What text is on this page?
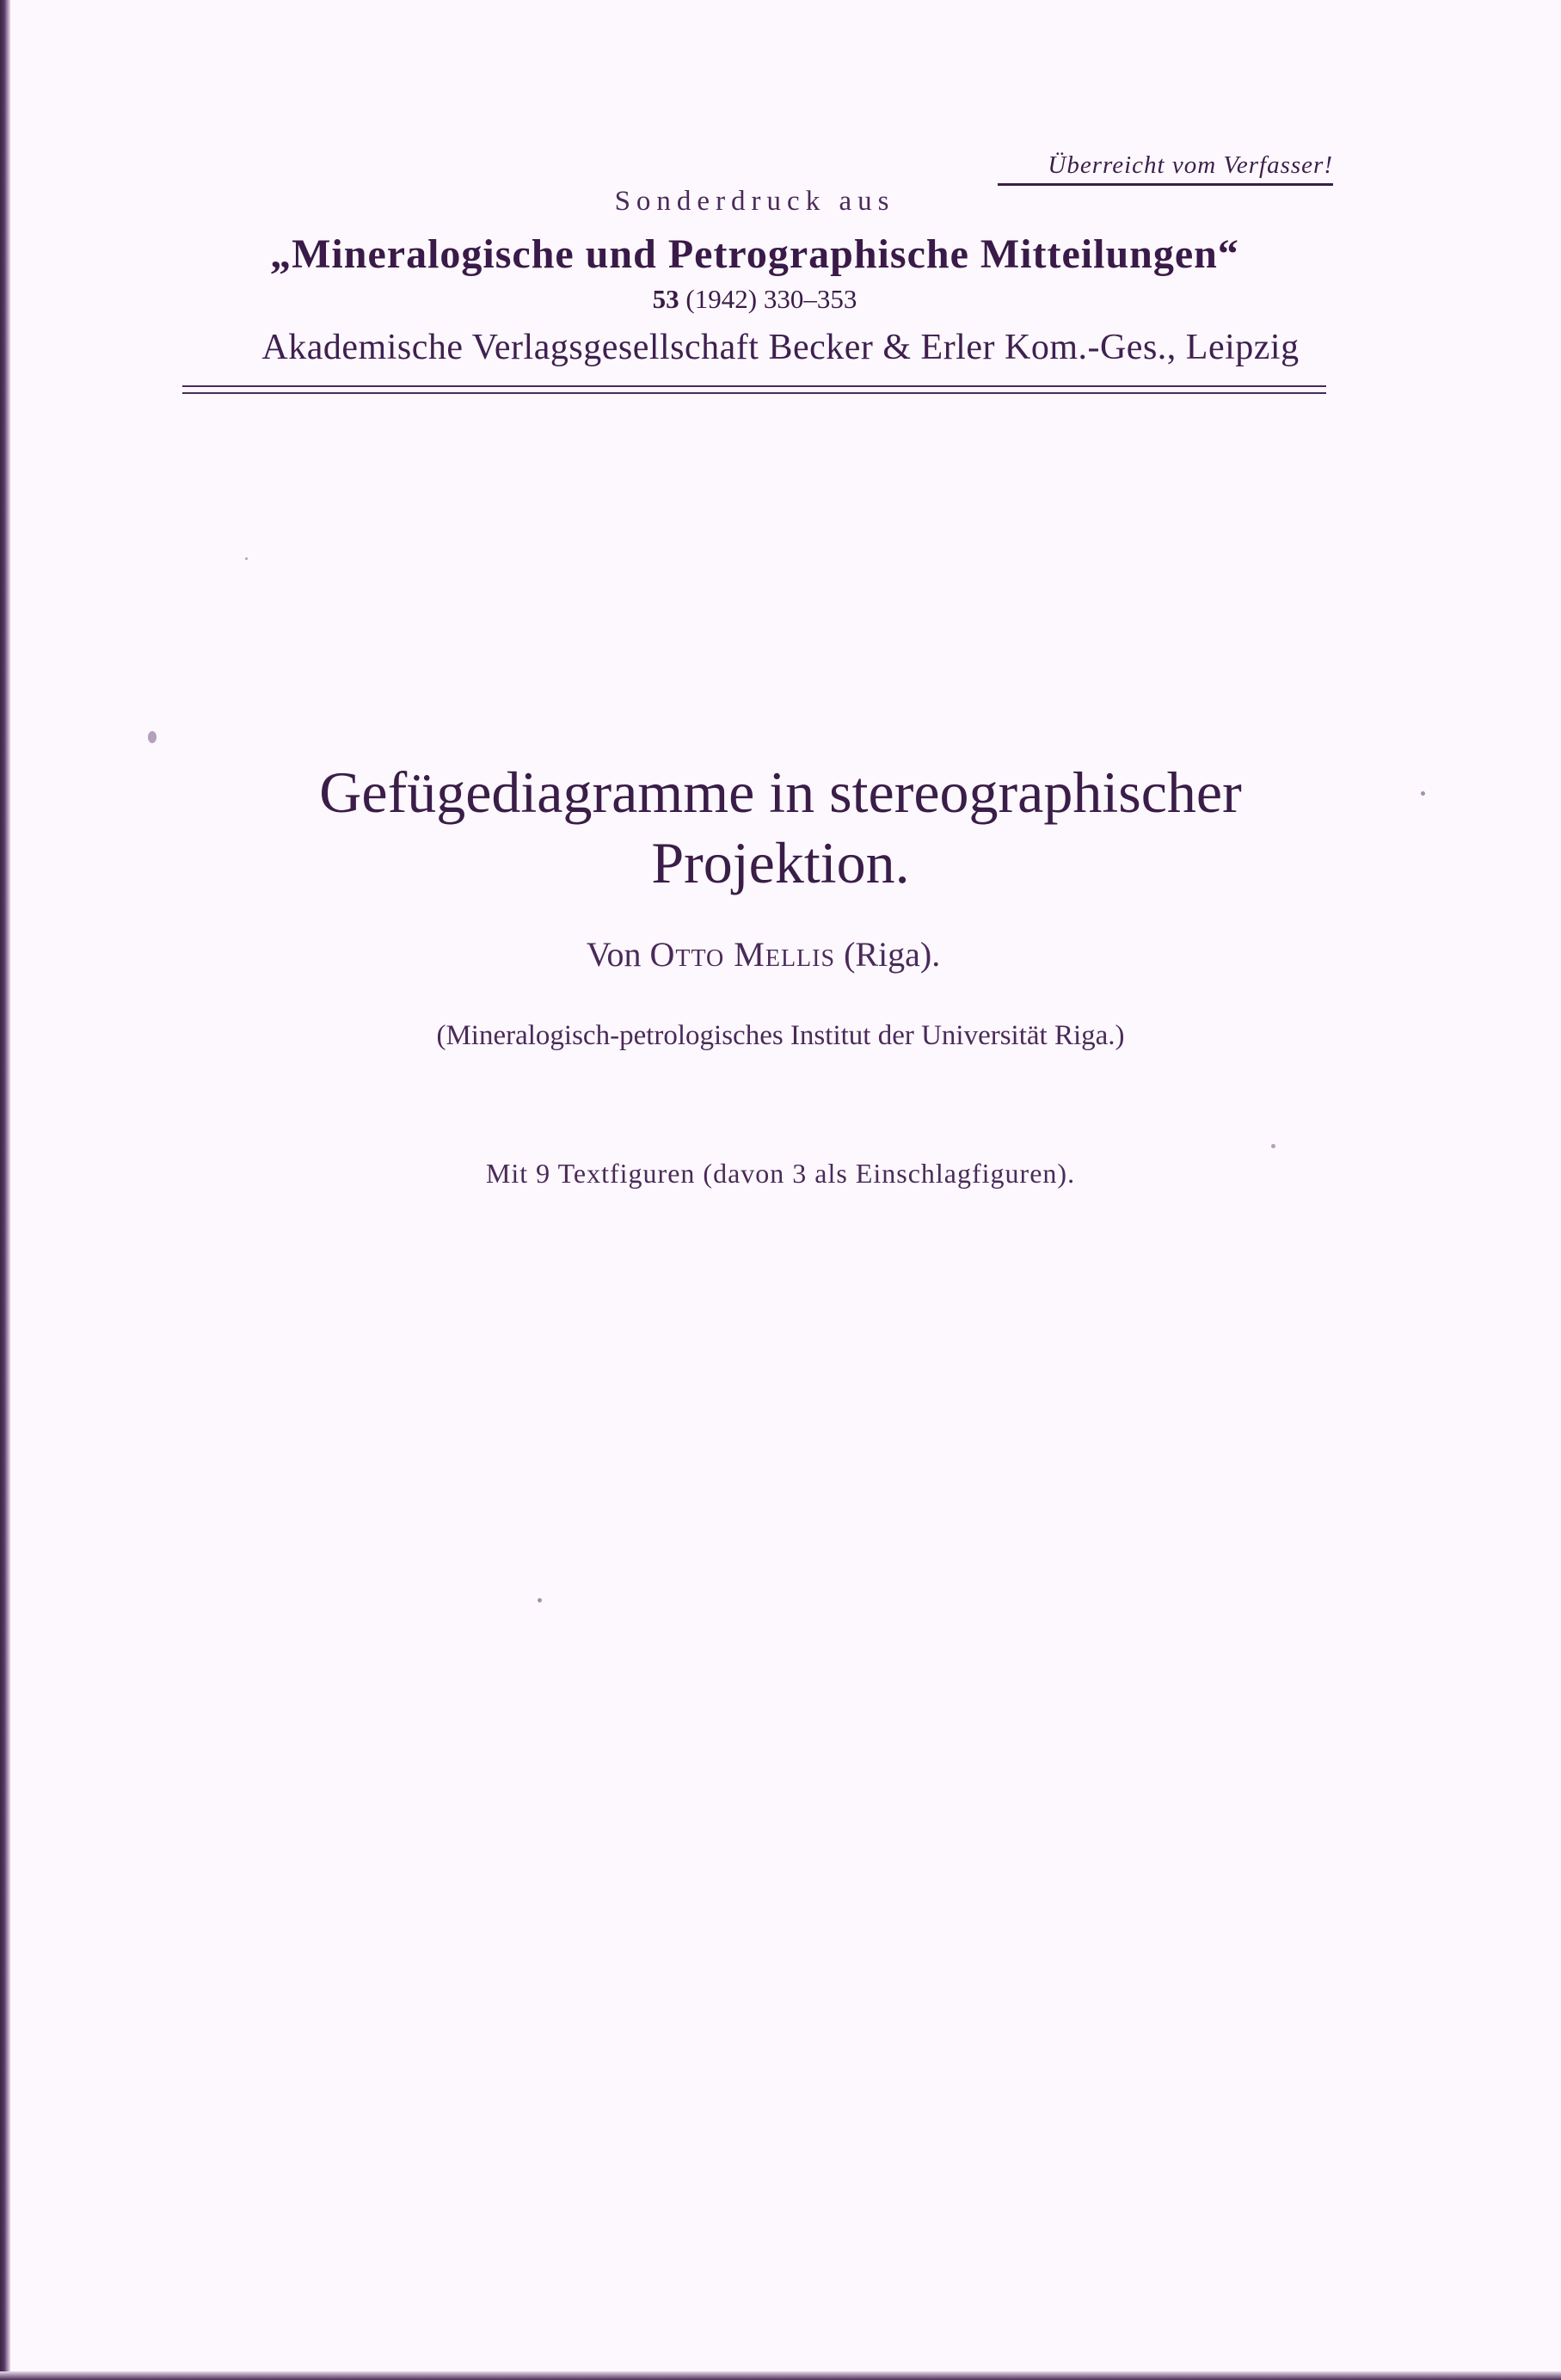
Überreicht vom Verfasser!
Sonderdruck aus
„Mineralogische und Petrographische Mitteilungen“
53 (1942) 330–353
Akademische Verlagsgesellschaft Becker & Erler Kom.-Ges., Leipzig
Gefügediagramme in stereographischer
Projektion.
Von Otto Mellis (Riga).
(Mineralogisch-petrologisches Institut der Universität Riga.)
Mit 9 Textfiguren (davon 3 als Einschlagfiguren).
